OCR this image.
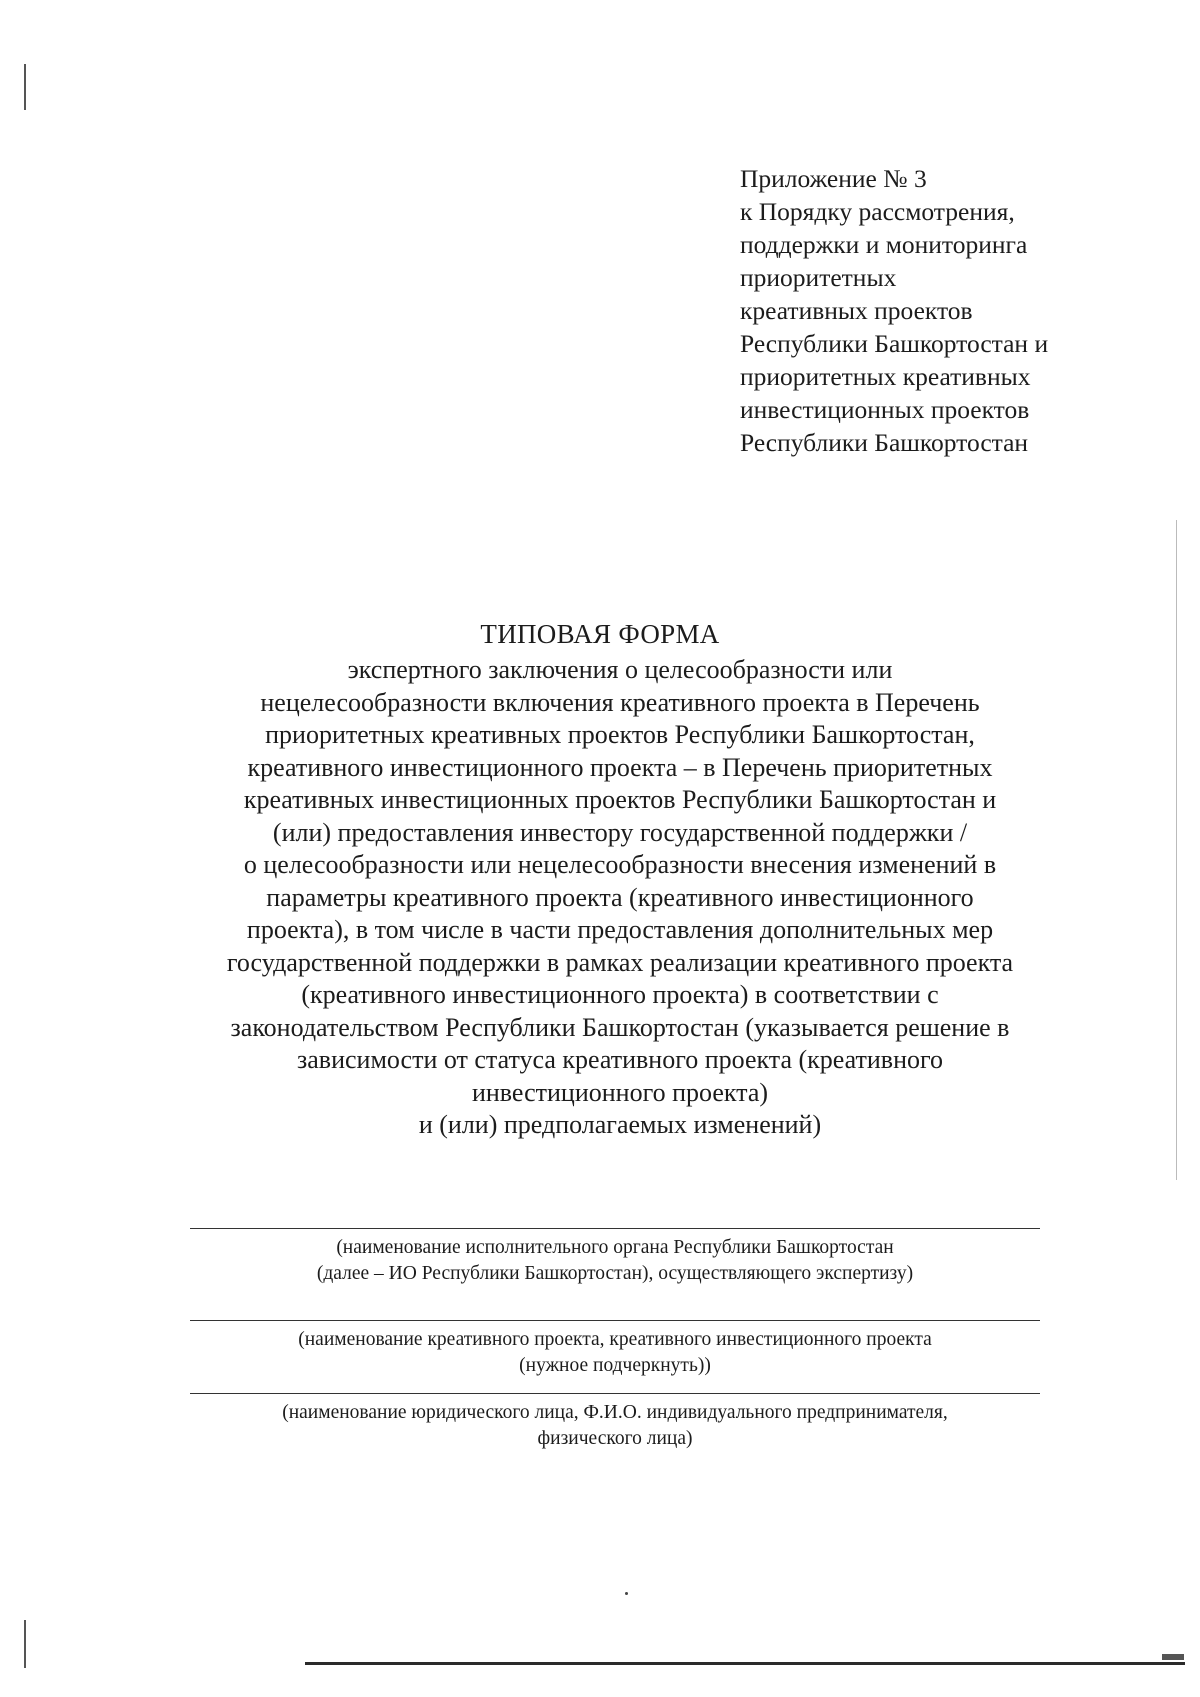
Приложение № 3
к Порядку рассмотрения,
поддержки и мониторинга
приоритетных
креативных проектов
Республики Башкортостан и
приоритетных креативных
инвестиционных проектов
Республики Башкортостан
ТИПОВАЯ ФОРМА
экспертного заключения о целесообразности или
нецелесообразности включения креативного проекта в Перечень
приоритетных креативных проектов Республики Башкортостан,
креативного инвестиционного проекта – в Перечень приоритетных
креативных инвестиционных проектов Республики Башкортостан и
(или) предоставления инвестору государственной поддержки /
о целесообразности или нецелесообразности внесения изменений в
параметры креативного проекта (креативного инвестиционного
проекта), в том числе в части предоставления дополнительных мер
государственной поддержки в рамках реализации креативного проекта
(креативного инвестиционного проекта) в соответствии с
законодательством Республики Башкортостан (указывается решение в
зависимости от статуса креативного проекта (креативного
инвестиционного проекта)
и (или) предполагаемых изменений)
(наименование исполнительного органа Республики Башкортостан
(далее – ИО Республики Башкортостан), осуществляющего экспертизу)
(наименование креативного проекта, креативного инвестиционного проекта
(нужное подчеркнуть))
(наименование юридического лица, Ф.И.О. индивидуального предпринимателя,
физического лица)
